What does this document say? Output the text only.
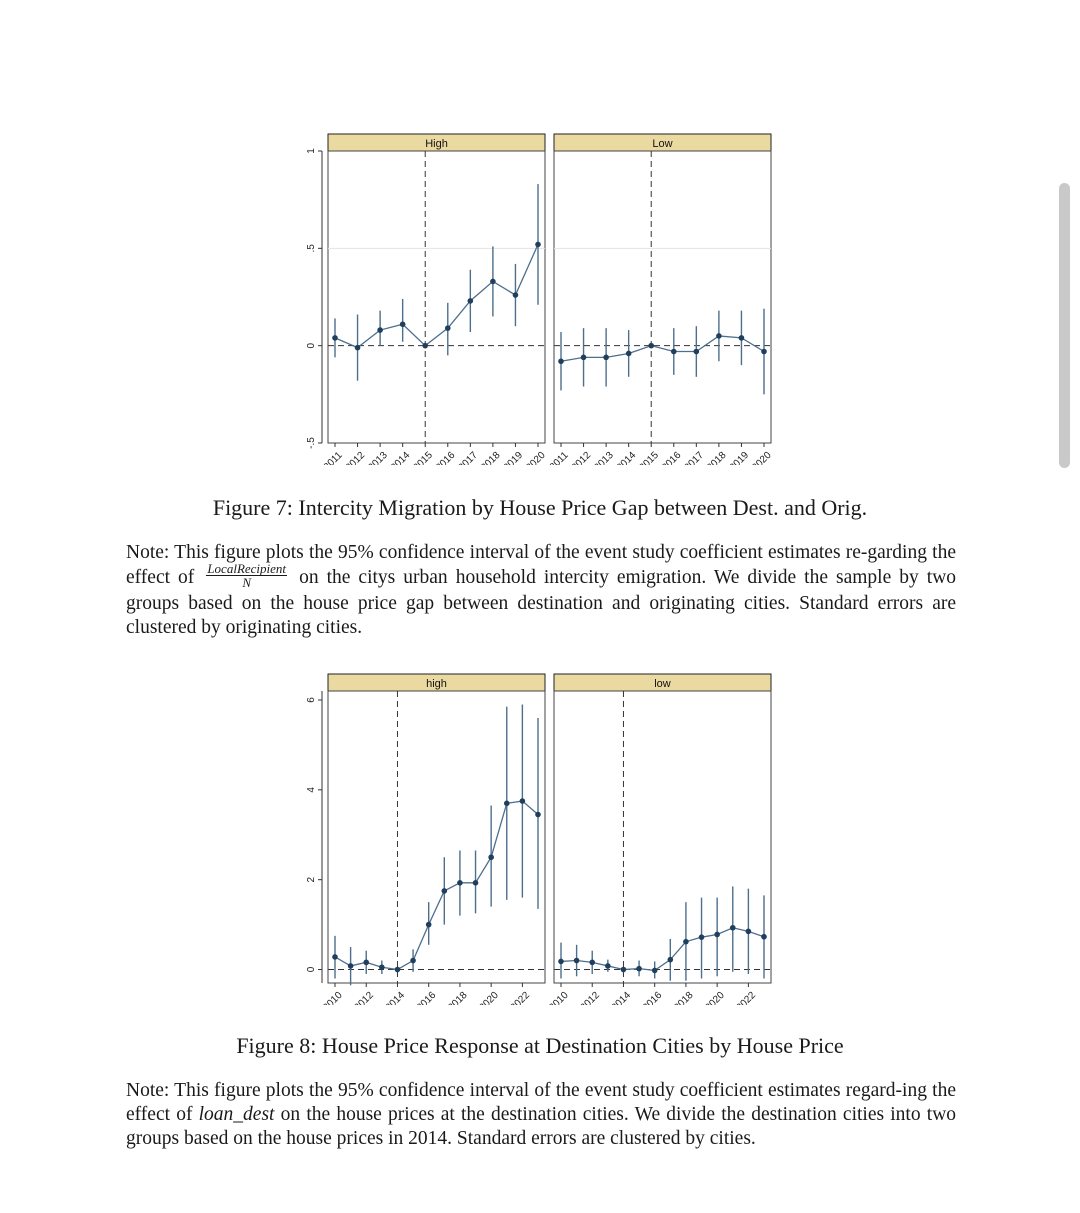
-.5
0
.5
1
High
2011 2012 2013 2014 2015 2016 2017 2018 2019 2020
Low
2011 2012 2013 2014 2015 2016 2017 2018 2019 2020
Figure 7: Intercity Migration by House Price Gap between Dest. and Orig.
Note: This figure plots the 95% confidence interval of the event study coefficient estimates re-garding the effect of $\frac{\text{LocalRecipient}}{N}$ on the citys urban household intercity emigration. We divide the sample by two groups based on the house price gap between destination and originating cities. Standard errors are clustered by originating cities.
0
2
4
6
high
2010 2012 2014 2016 2018 2020 2022
low
2010 2012 2014 2016 2018 2020 2022
Figure 8: House Price Response at Destination Cities by House Price
Note: This figure plots the 95% confidence interval of the event study coefficient estimates regard-ing the effect of loan_dest on the house prices at the destination cities. We divide the destination cities into two groups based on the house prices in 2014. Standard errors are clustered by cities.
